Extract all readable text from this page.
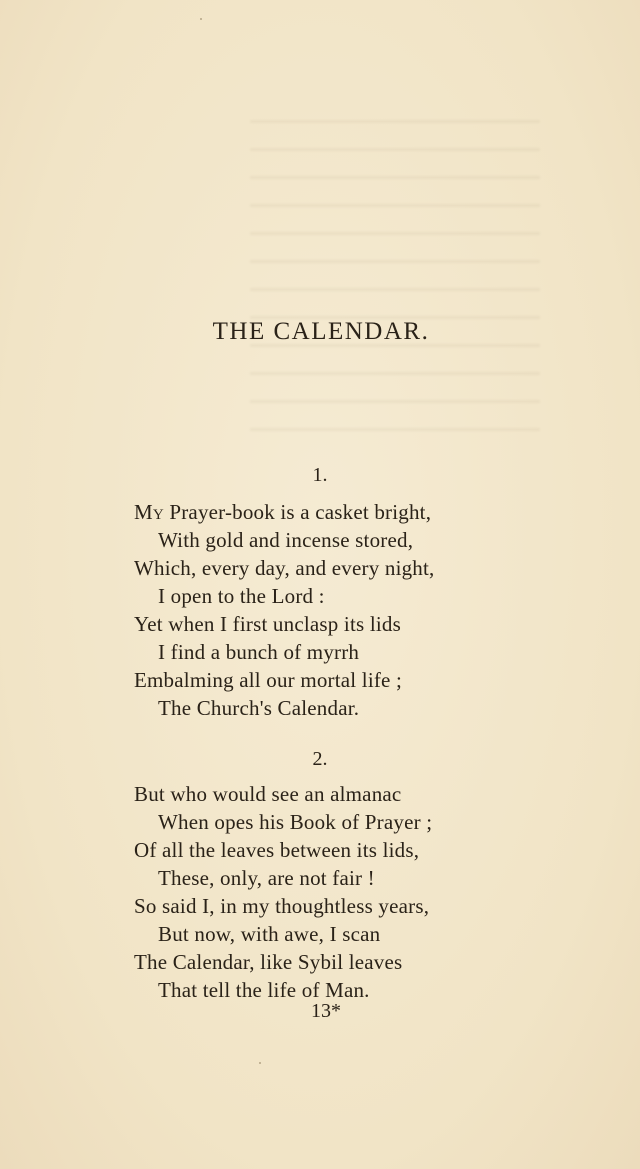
THE CALENDAR.
1.
My Prayer-book is a casket bright,
With gold and incense stored,
Which, every day, and every night,
I open to the Lord :
Yet when I first unclasp its lids
I find a bunch of myrrh
Embalming all our mortal life ;
The Church's Calendar.
2.
But who would see an almanac
When opes his Book of Prayer ;
Of all the leaves between its lids,
These, only, are not fair !
So said I, in my thoughtless years,
But now, with awe, I scan
The Calendar, like Sybil leaves
That tell the life of Man.
13*
